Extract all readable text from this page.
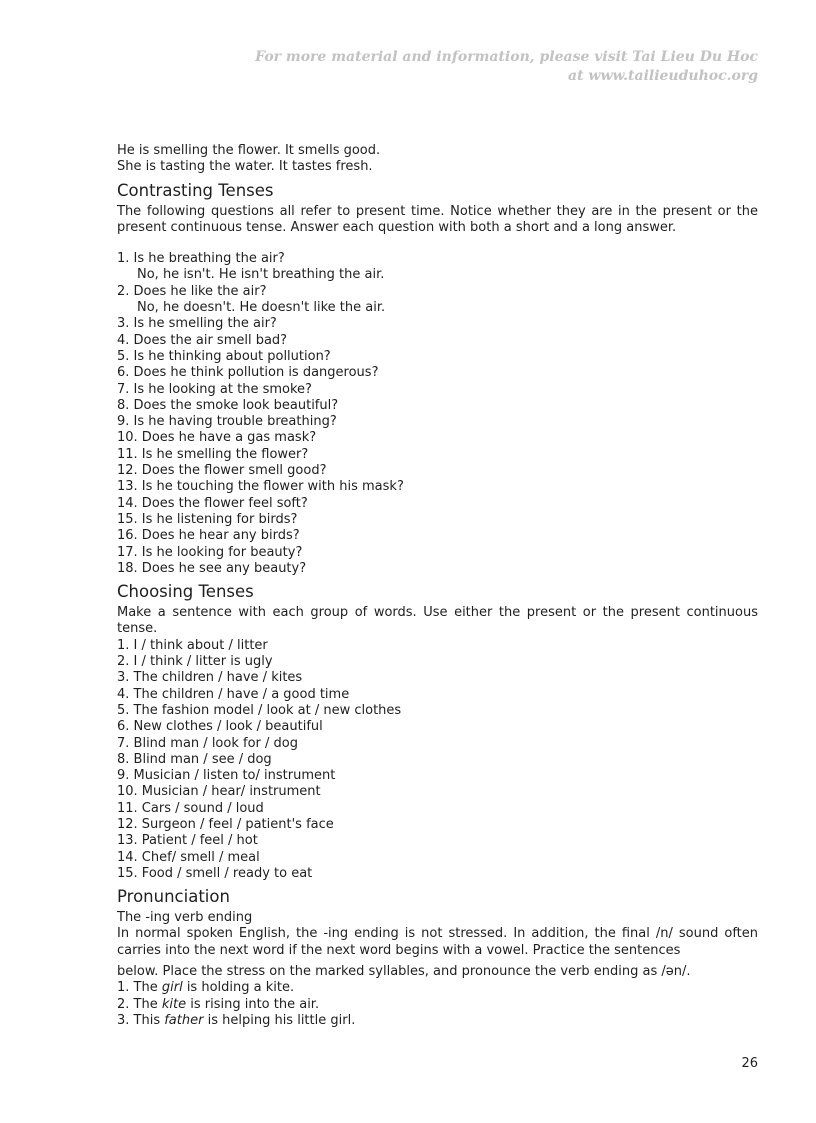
For more material and information, please visit Tai Lieu Du Hoc
at www.tailieuduhoc.org
He is smelling the flower. It smells good.
She is tasting the water. It tastes fresh.
Contrasting Tenses
The following questions all refer to present time. Notice whether they are in the present or the present continuous tense. Answer each question with both a short and a long answer.
1. Is he breathing the air?
No, he isn't. He isn't breathing the air.
2. Does he like the air?
No, he doesn't. He doesn't like the air.
3. Is he smelling the air?
4. Does the air smell bad?
5. Is he thinking about pollution?
6. Does he think pollution is dangerous?
7. Is he looking at the smoke?
8. Does the smoke look beautiful?
9. Is he having trouble breathing?
10. Does he have a gas mask?
11. Is he smelling the flower?
12. Does the flower smell good?
13. Is he touching the flower with his mask?
14. Does the flower feel soft?
15. Is he listening for birds?
16. Does he hear any birds?
17. Is he looking for beauty?
18. Does he see any beauty?
Choosing Tenses
Make a sentence with each group of words. Use either the present or the present continuous tense.
1. I / think about / litter
2. I / think / litter is ugly
3. The children / have / kites
4. The children / have / a good time
5. The fashion model / look at / new clothes
6. New clothes / look / beautiful
7. Blind man / look for / dog
8. Blind man / see / dog
9. Musician / listen to/ instrument
10. Musician / hear/ instrument
11. Cars / sound / loud
12. Surgeon / feel / patient's face
13. Patient / feel / hot
14. Chef/ smell / meal
15. Food / smell / ready to eat
Pronunciation
The -ing verb ending
In normal spoken English, the -ing ending is not stressed. In addition, the final /n/ sound often carries into the next word if the next word begins with a vowel. Practice the sentences
below. Place the stress on the marked syllables, and pronounce the verb ending as /ən/.
1. The girl is holding a kite.
2. The kite is rising into the air.
3. This father is helping his little girl.
26
